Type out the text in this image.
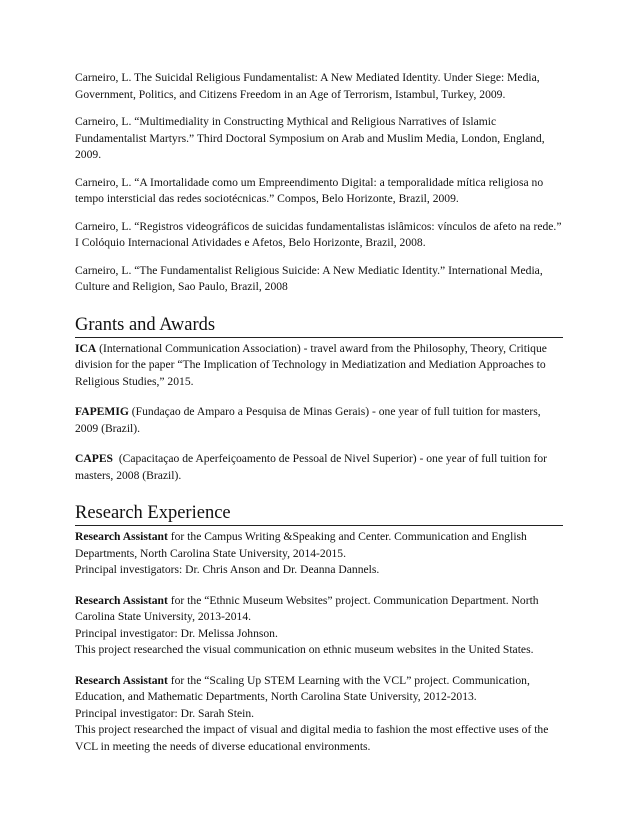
Carneiro, L. The Suicidal Religious Fundamentalist: A New Mediated Identity. Under Siege: Media, Government, Politics, and Citizens Freedom in an Age of Terrorism, Istambul, Turkey, 2009.

Carneiro, L. “Multimediality in Constructing Mythical and Religious Narratives of Islamic Fundamentalist Martyrs.” Third Doctoral Symposium on Arab and Muslim Media, London, England, 2009.

Carneiro, L. “A Imortalidade como um Empreendimento Digital: a temporalidade mítica religiosa no tempo intersticial das redes sociotécnicas.” Compos, Belo Horizonte, Brazil, 2009.

Carneiro, L. “Registros videográficos de suicidas fundamentalistas islâmicos: vínculos de afeto na rede.” I Colóquio Internacional Atividades e Afetos, Belo Horizonte, Brazil, 2008.

Carneiro, L. “The Fundamentalist Religious Suicide: A New Mediatic Identity.” International Media, Culture and Religion, Sao Paulo, Brazil, 2008

Grants and Awards

ICA (International Communication Association) - travel award from the Philosophy, Theory, Critique division for the paper “The Implication of Technology in Mediatization and Mediation Approaches to Religious Studies,” 2015.

FAPEMIG (Fundaçao de Amparo a Pesquisa de Minas Gerais) - one year of full tuition for masters, 2009 (Brazil).

CAPES  (Capacitaçao de Aperfeiçoamento de Pessoal de Nivel Superior) - one year of full tuition for masters, 2008 (Brazil).

Research Experience

Research Assistant for the Campus Writing &Speaking and Center. Communication and English Departments, North Carolina State University, 2014-2015.
Principal investigators: Dr. Chris Anson and Dr. Deanna Dannels.

Research Assistant for the “Ethnic Museum Websites” project. Communication Department. North Carolina State University, 2013-2014.
Principal investigator: Dr. Melissa Johnson.
This project researched the visual communication on ethnic museum websites in the United States.

Research Assistant for the “Scaling Up STEM Learning with the VCL” project. Communication, Education, and Mathematic Departments, North Carolina State University, 2012-2013.
Principal investigator: Dr. Sarah Stein.
This project researched the impact of visual and digital media to fashion the most effective uses of the VCL in meeting the needs of diverse educational environments.
